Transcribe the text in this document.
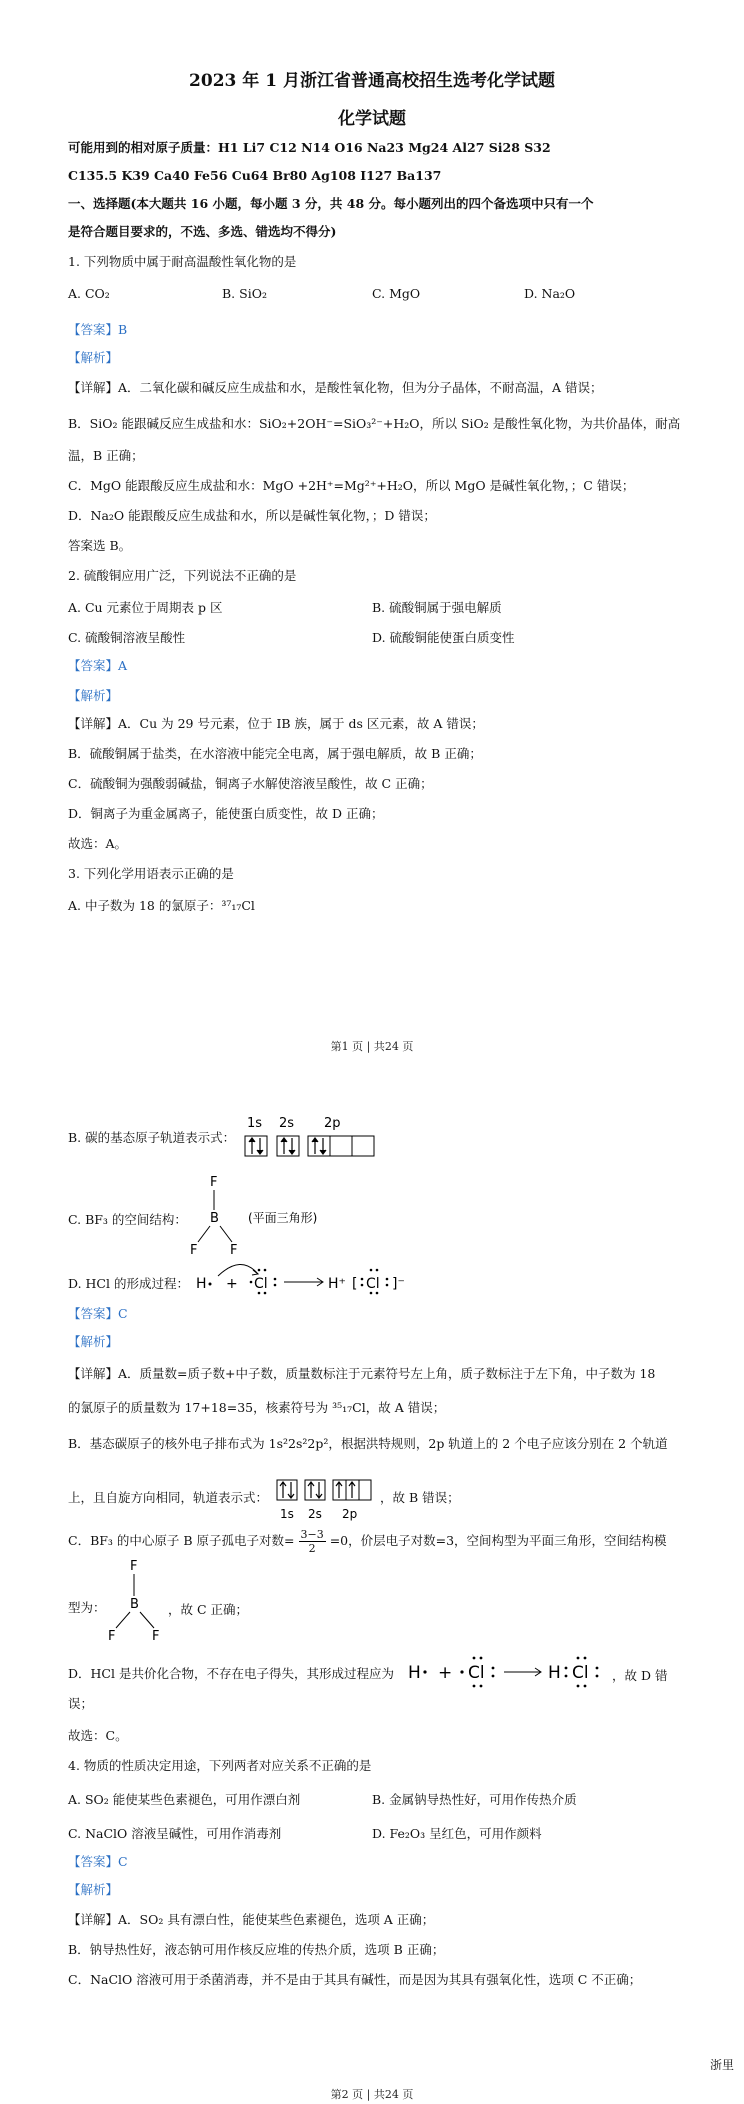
2023 年 1 月浙江省普通高校招生选考化学试题
化学试题
可能用到的相对原子质量：H1 Li7 C12 N14 O16 Na23 Mg24 Al27 Si28 S32
C135.5 K39 Ca40 Fe56 Cu64 Br80 Ag108 I127 Ba137
一、选择题(本大题共 16 小题，每小题 3 分，共 48 分。每小题列出的四个备选项中只有一个
是符合题目要求的，不选、多选、错选均不得分)
1. 下列物质中属于耐高温酸性氧化物的是
A. CO₂	B. SiO₂	C. MgO	D. Na₂O
【答案】B
【解析】
【详解】A．二氧化碳和碱反应生成盐和水，是酸性氧化物，但为分子晶体，不耐高温，A 错误；
B．SiO₂ 能跟碱反应生成盐和水：SiO₂+2OH⁻=SiO₃²⁻+H₂O，所以 SiO₂ 是酸性氧化物，为共价晶体，耐高
温，B 正确；
C．MgO 能跟酸反应生成盐和水：MgO +2H⁺=Mg²⁺+H₂O，所以 MgO 是碱性氧化物，；C 错误；
D．Na₂O 能跟酸反应生成盐和水，所以是碱性氧化物，；D 错误；
答案选 B。
2. 硫酸铜应用广泛，下列说法不正确的是
A. Cu 元素位于周期表 p 区	B. 硫酸铜属于强电解质
C. 硫酸铜溶液呈酸性	D. 硫酸铜能使蛋白质变性
【答案】A
【解析】
【详解】A．Cu 为 29 号元素，位于 IB 族，属于 ds 区元素，故 A 错误；
B．硫酸铜属于盐类，在水溶液中能完全电离，属于强电解质，故 B 正确；
C．硫酸铜为强酸弱碱盐，铜离子水解使溶液呈酸性，故 C 正确；
D．铜离子为重金属离子，能使蛋白质变性，故 D 正确；
故选：A。
3. 下列化学用语表示正确的是
A. 中子数为 18 的氯原子：³⁷₁₇Cl
第1 页 | 共24 页
B. 碳的基态原子轨道表示式：
1s 2s 2p
C. BF₃ 的空间结构：
F
B
F	F
(平面三角形)
D. HCl 的形成过程： H + Cl	H⁺ [ Cl ]⁻
【答案】C
【解析】
【详解】A．质量数=质子数+中子数，质量数标注于元素符号左上角，质子数标注于左下角，中子数为 18
的氯原子的质量数为 17+18=35，核素符号为 ³⁵₁₇Cl，故 A 错误；
B．基态碳原子的核外电子排布式为 1s²2s²2p²，根据洪特规则，2p 轨道上的 2 个电子应该分别在 2 个轨道
上，且自旋方向相同，轨道表示式：
1s 2s 2p
，故 B 错误；
C．BF₃ 的中心原子 B 原子孤电子对数= $\frac{3-3}{2} =0$，价层电子对数=3，空间构型为平面三角形，空间结构模
型为：
F
B
F	F
，故 C 正确；
D．HCl 是共价化合物，不存在电子得失，其形成过程应为 H + Cl	H Cl ，故 D 错
误；
故选：C。
4. 物质的性质决定用途，下列两者对应关系不正确的是
A. SO₂ 能使某些色素褪色，可用作漂白剂	B. 金属钠导热性好，可用作传热介质
C. NaClO 溶液呈碱性，可用作消毒剂	D. Fe₂O₃ 呈红色，可用作颜料
【答案】C
【解析】
【详解】A．SO₂ 具有漂白性，能使某些色素褪色，选项 A 正确；
B．钠导热性好，液态钠可用作核反应堆的传热介质，选项 B 正确；
C．NaClO 溶液可用于杀菌消毒，并不是由于其具有碱性，而是因为其具有强氧化性，选项 C 不正确；
浙里
第2 页 | 共24 页
